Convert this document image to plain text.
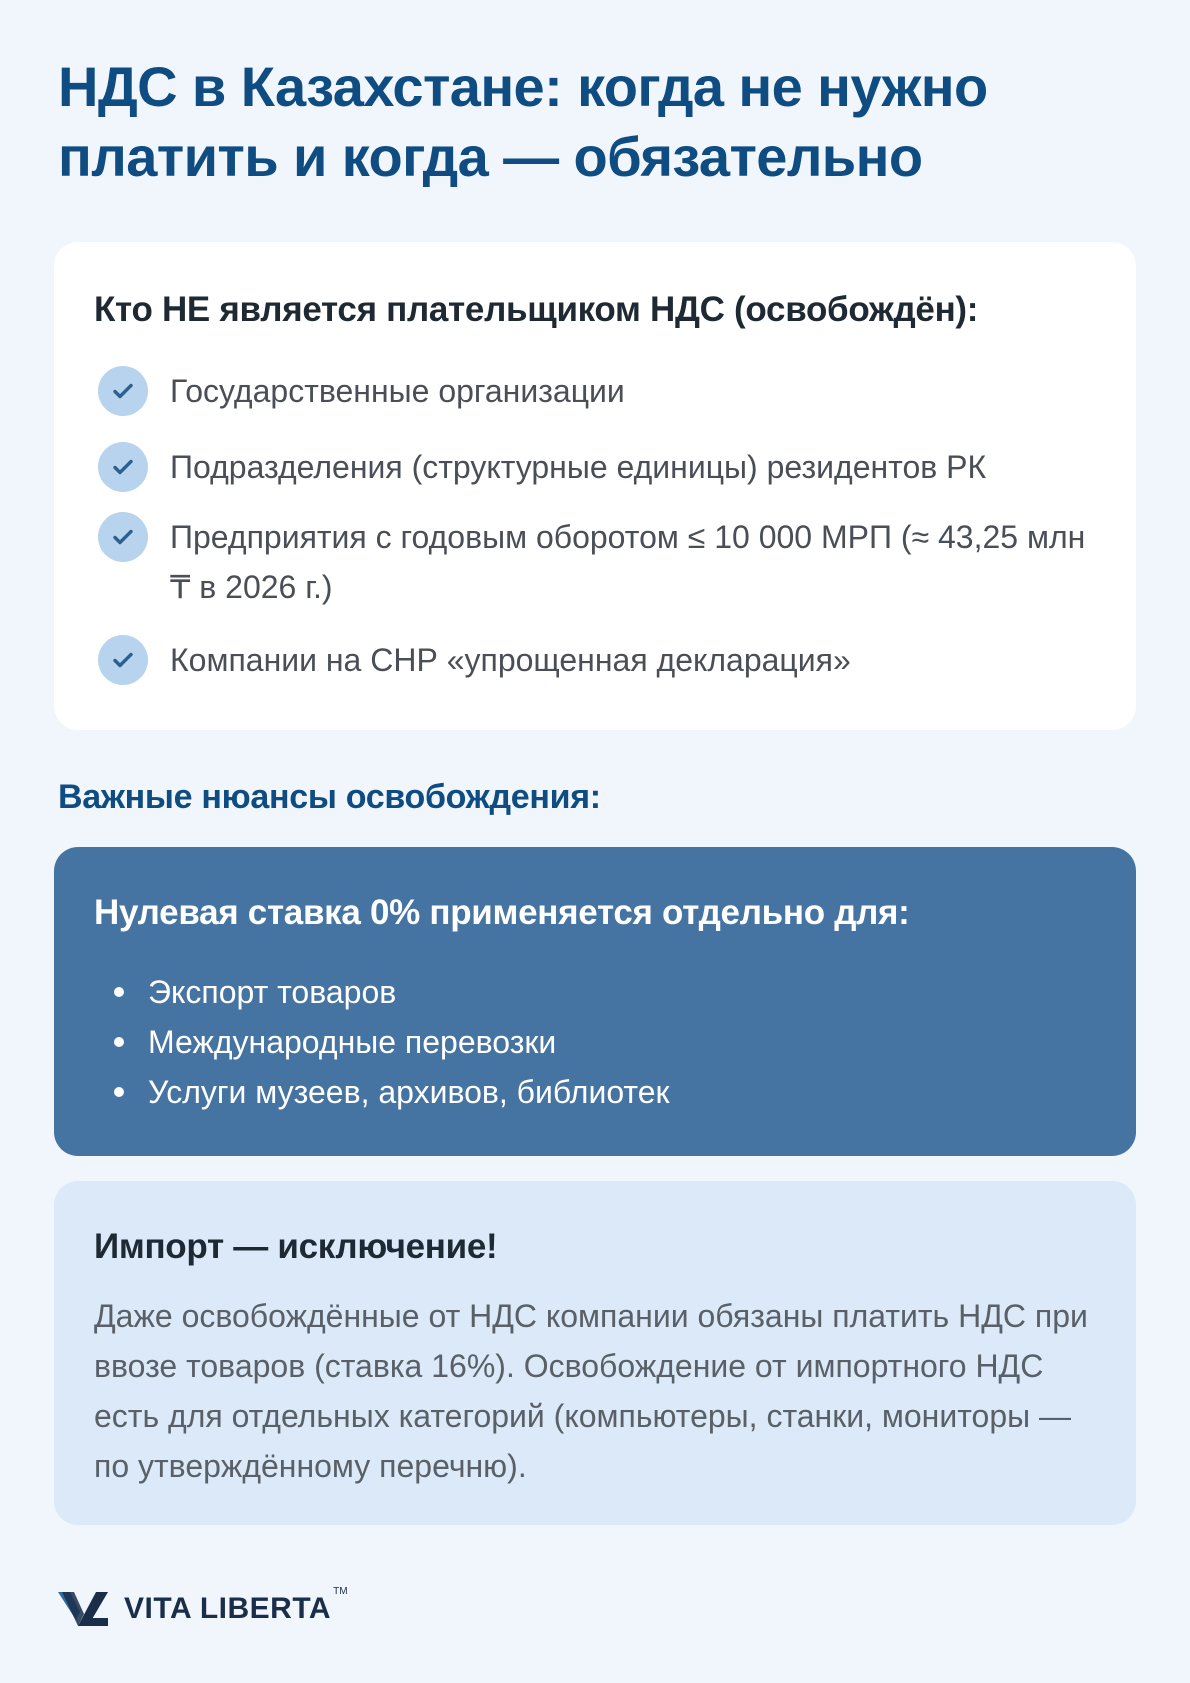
НДС в Казахстане: когда не нужно платить и когда — обязательно
Кто НЕ является плательщиком НДС (освобождён):
Государственные организации
Подразделения (структурные единицы) резидентов РК
Предприятия с годовым оборотом ≤ 10 000 МРП (≈ 43,25 млн ₸ в 2026 г.)
Компании на СНР «упрощенная декларация»
Важные нюансы освобождения:
Нулевая ставка 0% применяется отдельно для:
Экспорт товаров
Международные перевозки
Услуги музеев, архивов, библиотек
Импорт — исключение!

Даже освобождённые от НДС компании обязаны платить НДС при ввозе товаров (ставка 16%). Освобождение от импортного НДС есть для отдельных категорий (компьютеры, станки, мониторы — по утверждённому перечню).

VITA LIBERTA
TM
